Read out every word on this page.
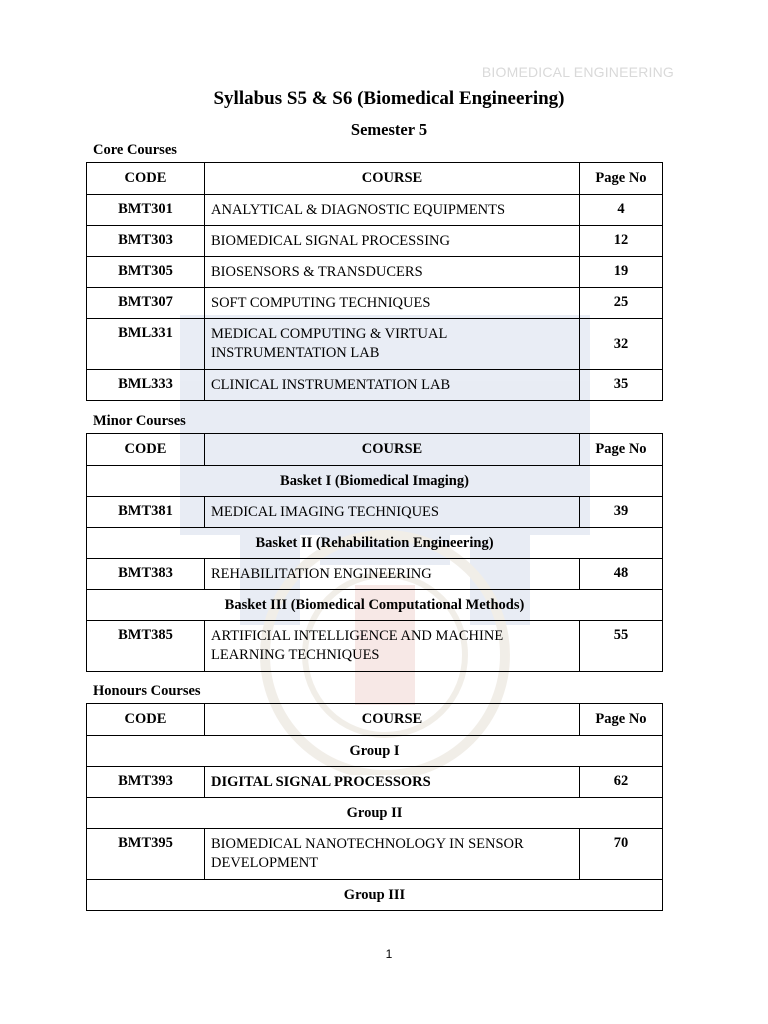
BIOMEDICAL ENGINEERING
Syllabus S5 & S6 (Biomedical Engineering)
Semester 5
Core Courses
CODE	COURSE	Page No
BMT301	ANALYTICAL & DIAGNOSTIC EQUIPMENTS	4
BMT303	BIOMEDICAL SIGNAL PROCESSING	12
BMT305	BIOSENSORS & TRANSDUCERS	19
BMT307	SOFT COMPUTING TECHNIQUES	25
BML331	MEDICAL COMPUTING & VIRTUAL INSTRUMENTATION LAB	32
BML333	CLINICAL INSTRUMENTATION LAB	35
Minor Courses
CODE	COURSE	Page No
Basket I (Biomedical Imaging)		
BMT381	MEDICAL IMAGING TECHNIQUES	39
Basket II (Rehabilitation Engineering)		
BMT383	REHABILITATION ENGINEERING	48
Basket III (Biomedical Computational Methods)		
BMT385	ARTIFICIAL INTELLIGENCE AND MACHINE LEARNING TECHNIQUES	55
Honours Courses
CODE	COURSE	Page No
Group I		
BMT393	DIGITAL SIGNAL PROCESSORS	62
Group II		
BMT395	BIOMEDICAL NANOTECHNOLOGY IN SENSOR DEVELOPMENT	70
Group III		
1
